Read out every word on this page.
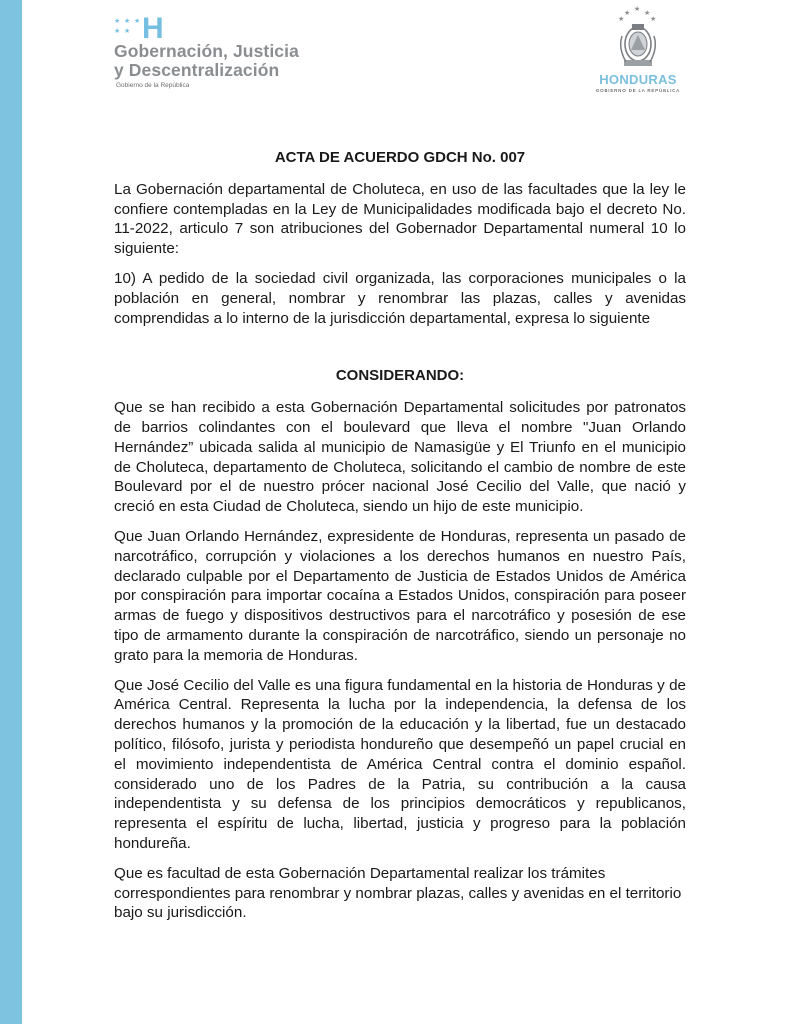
★ ★ ★
★ ★ H
Gobernación, Justicia
y Descentralización
Gobierno de la República
★
★ ★
★	★
HONDURAS
GOBIERNO DE LA REPÚBLICA
ACTA DE ACUERDO GDCH No. 007

La Gobernación departamental de Choluteca, en uso de las facultades que la ley le confiere contempladas en la Ley de Municipalidades modificada bajo el decreto No. 11-2022, articulo 7 son atribuciones del Gobernador Departamental numeral 10 lo siguiente:

10) A pedido de la sociedad civil organizada, las corporaciones municipales o la población en general, nombrar y renombrar las plazas, calles y avenidas comprendidas a lo interno de la jurisdicción departamental, expresa lo siguiente

CONSIDERANDO:

Que se han recibido a esta Gobernación Departamental solicitudes por patronatos de barrios colindantes con el boulevard que lleva el nombre "Juan Orlando Hernández” ubicada salida al municipio de Namasigüe y El Triunfo en el municipio de Choluteca, departamento de Choluteca, solicitando el cambio de nombre de este Boulevard por el de nuestro prócer nacional José Cecilio del Valle, que nació y creció en esta Ciudad de Choluteca, siendo un hijo de este municipio.

Que Juan Orlando Hernández, expresidente de Honduras, representa un pasado de narcotráfico, corrupción y violaciones a los derechos humanos en nuestro País, declarado culpable por el Departamento de Justicia de Estados Unidos de América por conspiración para importar cocaína a Estados Unidos, conspiración para poseer armas de fuego y dispositivos destructivos para el narcotráfico y posesión de ese tipo de armamento durante la conspiración de narcotráfico, siendo un personaje no grato para la memoria de Honduras.

Que José Cecilio del Valle es una figura fundamental en la historia de Honduras y de América Central. Representa la lucha por la independencia, la defensa de los derechos humanos y la promoción de la educación y la libertad, fue un destacado político, filósofo, jurista y periodista hondureño que desempeñó un papel crucial en el movimiento independentista de América Central contra el dominio español. considerado uno de los Padres de la Patria, su contribución a la causa independentista y su defensa de los principios democráticos y republicanos, representa el espíritu de lucha, libertad, justicia y progreso para la población hondureña.

Que es facultad de esta Gobernación Departamental realizar los trámites correspondientes para renombrar y nombrar plazas, calles y avenidas en el territorio bajo su jurisdicción.
